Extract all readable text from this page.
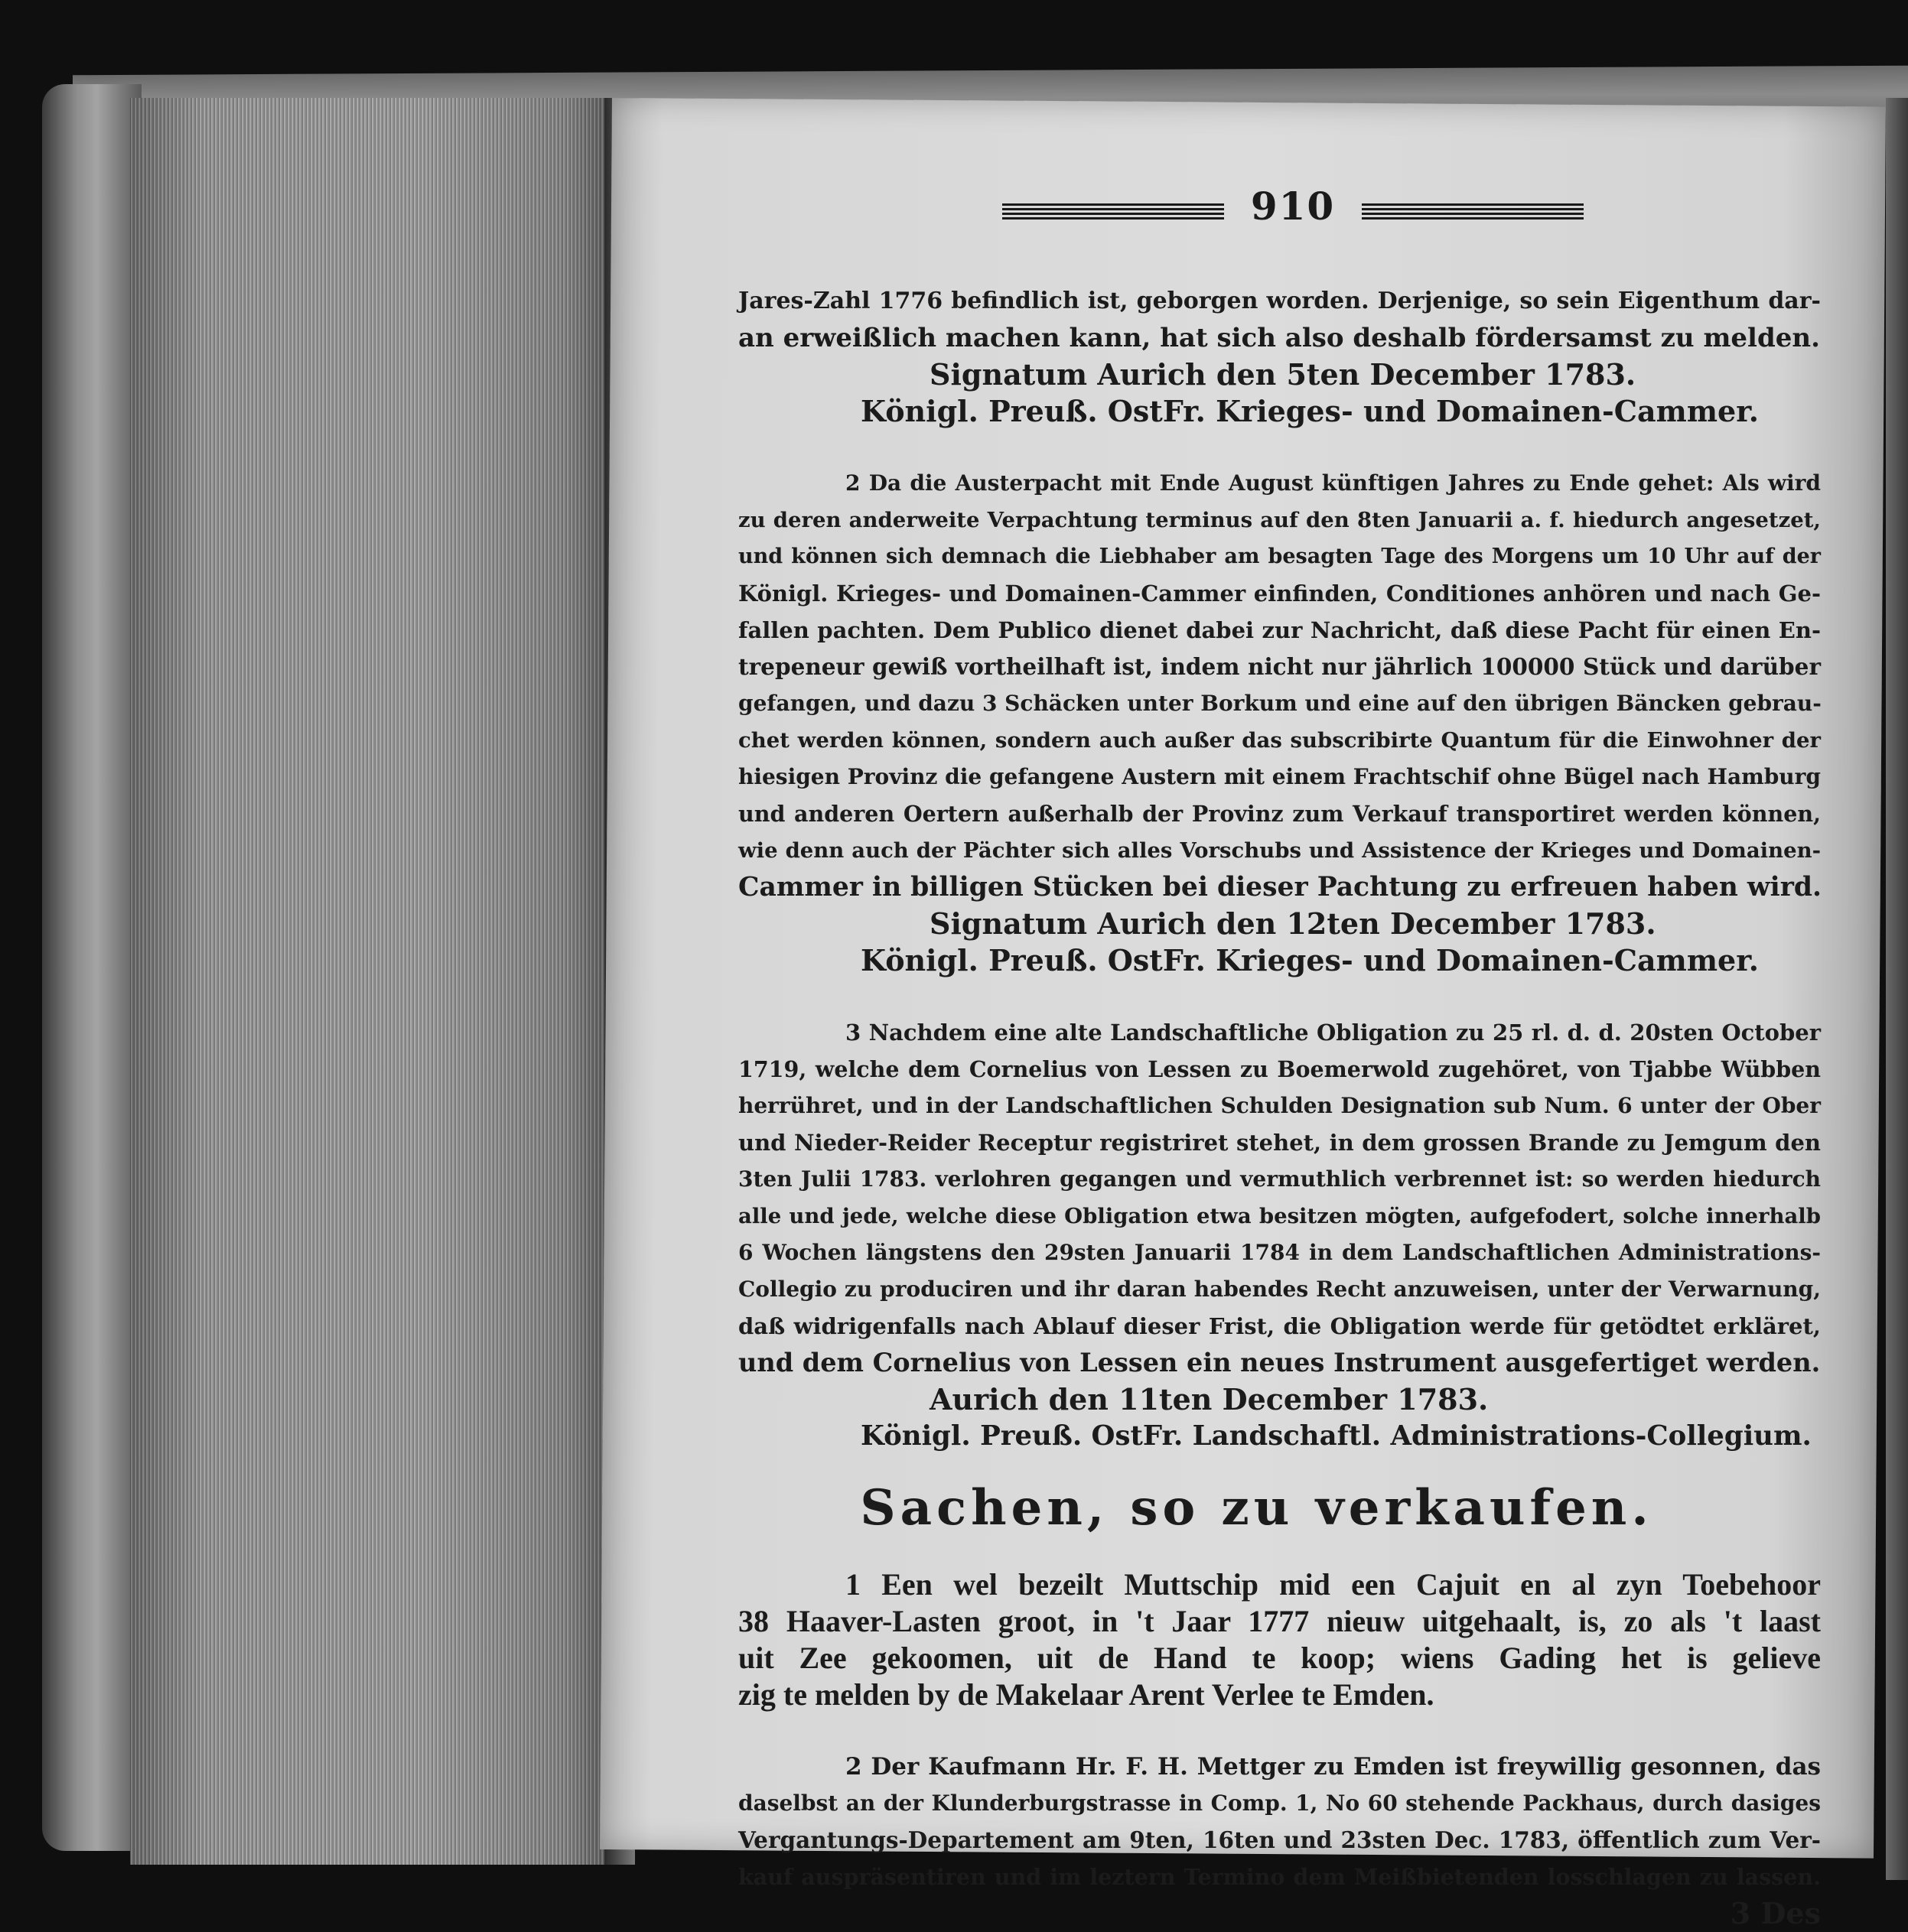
910
Jares-Zahl 1776 befindlich ist, geborgen worden. Derjenige, so sein Eigenthum dar-
an erweißlich machen kann, hat sich also deshalb fördersamst zu melden.
Signatum Aurich den 5ten December 1783.
Königl. Preuß. OstFr. Krieges- und Domainen-Cammer.
2 Da die Austerpacht mit Ende August künftigen Jahres zu Ende gehet: Als wird
zu deren anderweite Verpachtung terminus auf den 8ten Januarii a. f. hiedurch angesetzet,
und können sich demnach die Liebhaber am besagten Tage des Morgens um 10 Uhr auf der
Königl. Krieges- und Domainen-Cammer einfinden, Conditiones anhören und nach Ge-
fallen pachten. Dem Publico dienet dabei zur Nachricht, daß diese Pacht für einen En-
trepeneur gewiß vortheilhaft ist, indem nicht nur jährlich 100000 Stück und darüber
gefangen, und dazu 3 Schäcken unter Borkum und eine auf den übrigen Bäncken gebrau-
chet werden können, sondern auch außer das subscribirte Quantum für die Einwohner der
hiesigen Provinz die gefangene Austern mit einem Frachtschif ohne Bügel nach Hamburg
und anderen Oertern außerhalb der Provinz zum Verkauf transportiret werden können,
wie denn auch der Pächter sich alles Vorschubs und Assistence der Krieges und Domainen-
Cammer in billigen Stücken bei dieser Pachtung zu erfreuen haben wird.
Signatum Aurich den 12ten December 1783.
Königl. Preuß. OstFr. Krieges- und Domainen-Cammer.
3 Nachdem eine alte Landschaftliche Obligation zu 25 rl. d. d. 20sten October
1719, welche dem Cornelius von Lessen zu Boemerwold zugehöret, von Tjabbe Wübben
herrühret, und in der Landschaftlichen Schulden Designation sub Num. 6 unter der Ober
und Nieder-Reider Receptur registriret stehet, in dem grossen Brande zu Jemgum den
3ten Julii 1783. verlohren gegangen und vermuthlich verbrennet ist: so werden hiedurch
alle und jede, welche diese Obligation etwa besitzen mögten, aufgefodert, solche innerhalb
6 Wochen längstens den 29sten Januarii 1784 in dem Landschaftlichen Administrations-
Collegio zu produciren und ihr daran habendes Recht anzuweisen, unter der Verwarnung,
daß widrigenfalls nach Ablauf dieser Frist, die Obligation werde für getödtet erkläret,
und dem Cornelius von Lessen ein neues Instrument ausgefertiget werden.
Aurich den 11ten December 1783.
Königl. Preuß. OstFr. Landschaftl. Administrations-Collegium.
Sachen, so zu verkaufen.
1 Een wel bezeilt Muttschip mid een Cajuit en al zyn Toebehoor
38 Haaver-Lasten groot, in 't Jaar 1777 nieuw uitgehaalt, is, zo als 't laast
uit Zee gekoomen, uit de Hand te koop; wiens Gading het is gelieve
zig te melden by de Makelaar Arent Verlee te Emden.
2 Der Kaufmann Hr. F. H. Mettger zu Emden ist freywillig gesonnen, das
daselbst an der Klunderburgstrasse in Comp. 1, No 60 stehende Packhaus, durch dasiges
Vergantungs-Departement am 9ten, 16ten und 23sten Dec. 1783, öffentlich zum Ver-
kauf auspräsentiren und im leztern Termino dem Meißbietenden losschlagen zu lassen.
3 Des
